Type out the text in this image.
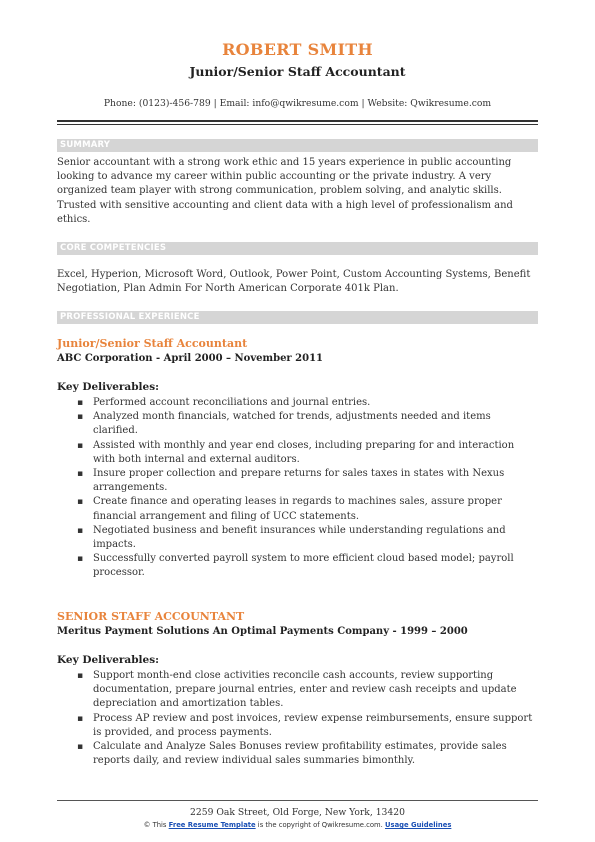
ROBERT SMITH
Junior/Senior Staff Accountant
Phone: (0123)-456-789 | Email: info@qwikresume.com | Website: Qwikresume.com
SUMMARY
Senior accountant with a strong work ethic and 15 years experience in public accounting looking to advance my career within public accounting or the private industry. A very organized team player with strong communication, problem solving, and analytic skills. Trusted with sensitive accounting and client data with a high level of professionalism and ethics.
CORE COMPETENCIES
Excel, Hyperion, Microsoft Word, Outlook, Power Point, Custom Accounting Systems, Benefit Negotiation, Plan Admin For North American Corporate 401k Plan.
PROFESSIONAL EXPERIENCE
Junior/Senior Staff Accountant
ABC Corporation - April 2000 – November 2011
Key Deliverables:
▪ Performed account reconciliations and journal entries.
▪ Analyzed month financials, watched for trends, adjustments needed and items clarified.
▪ Assisted with monthly and year end closes, including preparing for and interaction with both internal and external auditors.
▪ Insure proper collection and prepare returns for sales taxes in states with Nexus arrangements.
▪ Create finance and operating leases in regards to machines sales, assure proper financial arrangement and filing of UCC statements.
▪ Negotiated business and benefit insurances while understanding regulations and impacts.
▪ Successfully converted payroll system to more efficient cloud based model; payroll processor.
SENIOR STAFF ACCOUNTANT
Meritus Payment Solutions An Optimal Payments Company - 1999 – 2000
Key Deliverables:
▪ Support month-end close activities reconcile cash accounts, review supporting documentation, prepare journal entries, enter and review cash receipts and update depreciation and amortization tables.
▪ Process AP review and post invoices, review expense reimbursements, ensure support is provided, and process payments.
▪ Calculate and Analyze Sales Bonuses review profitability estimates, provide sales reports daily, and review individual sales summaries bimonthly.
2259 Oak Street, Old Forge, New York, 13420
© This Free Resume Template is the copyright of Qwikresume.com. Usage Guidelines
